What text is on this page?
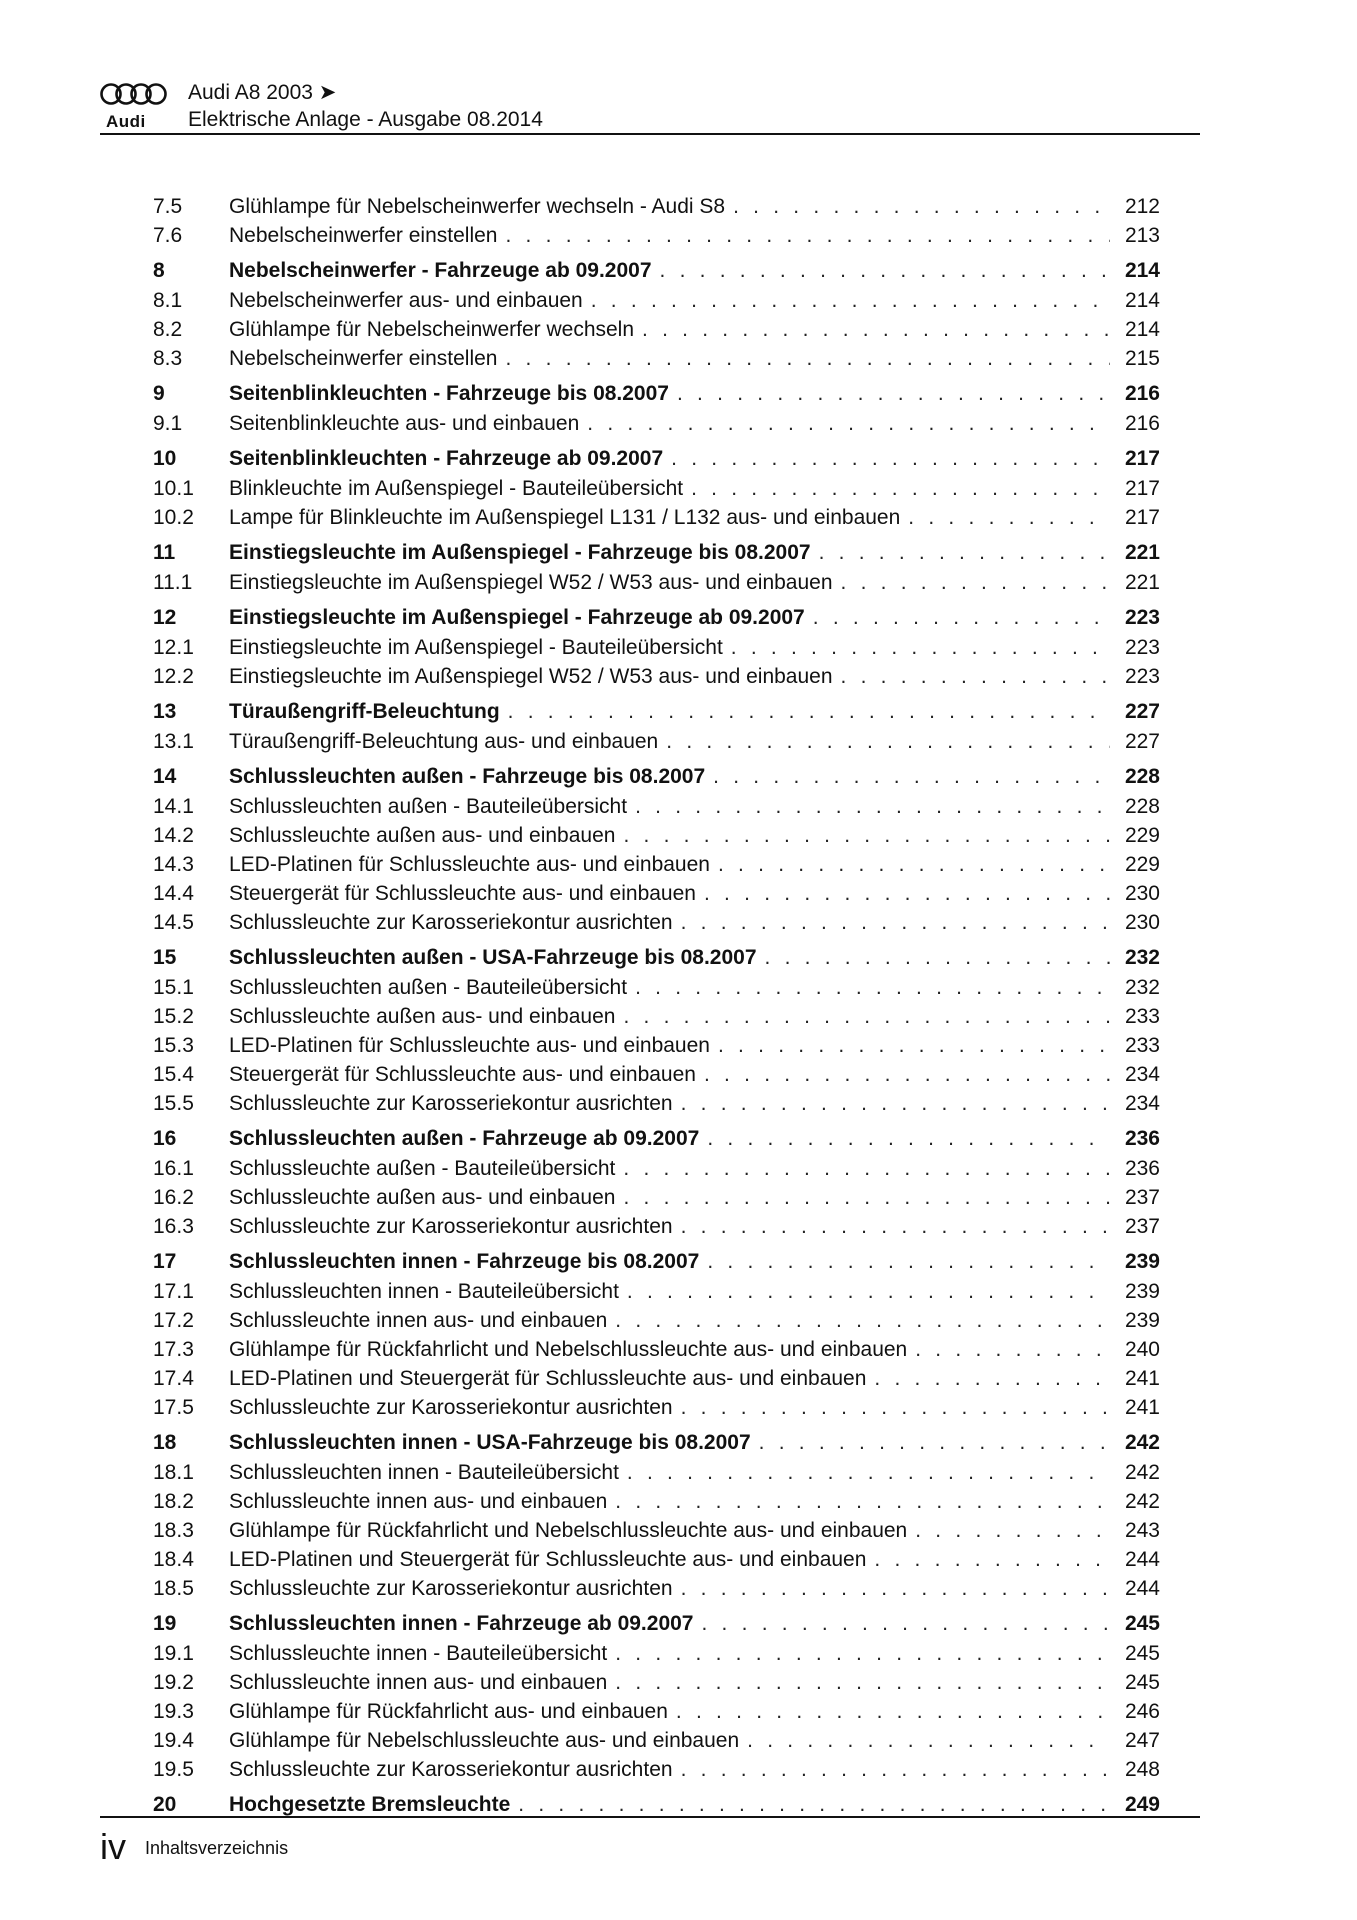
Audi
Audi A8 2003 ➤
Elektrische Anlage - Ausgabe 08.2014
7.5	Glühlampe für Nebelscheinwerfer wechseln - Audi S8 . . .	212
7.6	Nebelscheinwerfer einstellen . . .	213
8	Nebelscheinwerfer - Fahrzeuge ab 09.2007 . . .	214
8.1	Nebelscheinwerfer aus- und einbauen . . .	214
8.2	Glühlampe für Nebelscheinwerfer wechseln . . .	214
8.3	Nebelscheinwerfer einstellen . . .	215
9	Seitenblinkleuchten - Fahrzeuge bis 08.2007 . . .	216
9.1	Seitenblinkleuchte aus- und einbauen . . .	216
10	Seitenblinkleuchten - Fahrzeuge ab 09.2007 . . .	217
10.1	Blinkleuchte im Außenspiegel - Bauteileübersicht . . .	217
10.2	Lampe für Blinkleuchte im Außenspiegel L131 / L132 aus- und einbauen . . .	217
11	Einstiegsleuchte im Außenspiegel - Fahrzeuge bis 08.2007 . . .	221
11.1	Einstiegsleuchte im Außenspiegel W52 / W53 aus- und einbauen . . .	221
12	Einstiegsleuchte im Außenspiegel - Fahrzeuge ab 09.2007 . . .	223
12.1	Einstiegsleuchte im Außenspiegel - Bauteileübersicht . . .	223
12.2	Einstiegsleuchte im Außenspiegel W52 / W53 aus- und einbauen . . .	223
13	Türaußengriff-Beleuchtung . . .	227
13.1	Türaußengriff-Beleuchtung aus- und einbauen . . .	227
14	Schlussleuchten außen - Fahrzeuge bis 08.2007 . . .	228
14.1	Schlussleuchten außen - Bauteileübersicht . . .	228
14.2	Schlussleuchte außen aus- und einbauen . . .	229
14.3	LED-Platinen für Schlussleuchte aus- und einbauen . . .	229
14.4	Steuergerät für Schlussleuchte aus- und einbauen . . .	230
14.5	Schlussleuchte zur Karosseriekontur ausrichten . . .	230
15	Schlussleuchten außen - USA-Fahrzeuge bis 08.2007 . . .	232
15.1	Schlussleuchten außen - Bauteileübersicht . . .	232
15.2	Schlussleuchte außen aus- und einbauen . . .	233
15.3	LED-Platinen für Schlussleuchte aus- und einbauen . . .	233
15.4	Steuergerät für Schlussleuchte aus- und einbauen . . .	234
15.5	Schlussleuchte zur Karosseriekontur ausrichten . . .	234
16	Schlussleuchten außen - Fahrzeuge ab 09.2007 . . .	236
16.1	Schlussleuchte außen - Bauteileübersicht . . .	236
16.2	Schlussleuchte außen aus- und einbauen . . .	237
16.3	Schlussleuchte zur Karosseriekontur ausrichten . . .	237
17	Schlussleuchten innen - Fahrzeuge bis 08.2007 . . .	239
17.1	Schlussleuchten innen - Bauteileübersicht . . .	239
17.2	Schlussleuchte innen aus- und einbauen . . .	239
17.3	Glühlampe für Rückfahrlicht und Nebelschlussleuchte aus- und einbauen . . .	240
17.4	LED-Platinen und Steuergerät für Schlussleuchte aus- und einbauen . . .	241
17.5	Schlussleuchte zur Karosseriekontur ausrichten . . .	241
18	Schlussleuchten innen - USA-Fahrzeuge bis 08.2007 . . .	242
18.1	Schlussleuchten innen - Bauteileübersicht . . .	242
18.2	Schlussleuchte innen aus- und einbauen . . .	242
18.3	Glühlampe für Rückfahrlicht und Nebelschlussleuchte aus- und einbauen . . .	243
18.4	LED-Platinen und Steuergerät für Schlussleuchte aus- und einbauen . . .	244
18.5	Schlussleuchte zur Karosseriekontur ausrichten . . .	244
19	Schlussleuchten innen - Fahrzeuge ab 09.2007 . . .	245
19.1	Schlussleuchte innen - Bauteileübersicht . . .	245
19.2	Schlussleuchte innen aus- und einbauen . . .	245
19.3	Glühlampe für Rückfahrlicht aus- und einbauen . . .	246
19.4	Glühlampe für Nebelschlussleuchte aus- und einbauen . . .	247
19.5	Schlussleuchte zur Karosseriekontur ausrichten . . .	248
20	Hochgesetzte Bremsleuchte . . .	249
iv Inhaltsverzeichnis
